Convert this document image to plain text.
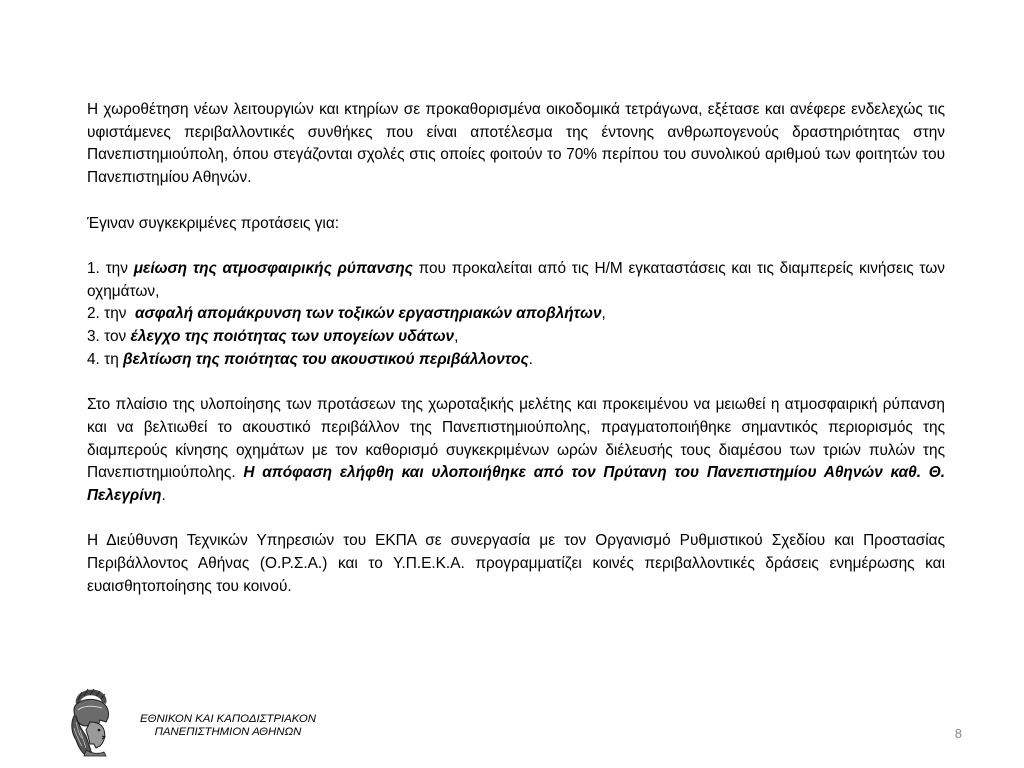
Η χωροθέτηση νέων λειτουργιών και κτηρίων σε προκαθορισμένα οικοδομικά τετράγωνα, εξέτασε και ανέφερε ενδελεχώς τις υφιστάμενες περιβαλλοντικές συνθήκες που είναι αποτέλεσμα της έντονης ανθρωπογενούς δραστηριότητας στην Πανεπιστημιούπολη, όπου στεγάζονται σχολές στις οποίες φοιτούν το 70% περίπου του συνολικού αριθμού των φοιτητών του Πανεπιστημίου Αθηνών.

Έγιναν συγκεκριμένες προτάσεις για:

1. την μείωση της ατμοσφαιρικής ρύπανσης που προκαλείται από τις Η/Μ εγκαταστάσεις και τις διαμπερείς κινήσεις των οχημάτων,

2. την  ασφαλή απομάκρυνση των τοξικών εργαστηριακών αποβλήτων,

3. τον έλεγχο της ποιότητας των υπογείων υδάτων,

4. τη βελτίωση της ποιότητας του ακουστικού περιβάλλοντος.

Στο πλαίσιο της υλοποίησης των προτάσεων της χωροταξικής μελέτης και προκειμένου να μειωθεί η ατμοσφαιρική ρύπανση και να βελτιωθεί το ακουστικό περιβάλλον της Πανεπιστημιούπολης, πραγματοποιήθηκε σημαντικός περιορισμός της διαμπερούς κίνησης οχημάτων με τον καθορισμό συγκεκριμένων ωρών διέλευσής τους διαμέσου των τριών πυλών της Πανεπιστημιούπολης. Η απόφαση ελήφθη και υλοποιήθηκε από τον Πρύτανη του Πανεπιστημίου Αθηνών καθ. Θ. Πελεγρίνη.

Η Διεύθυνση Τεχνικών Υπηρεσιών του ΕΚΠΑ σε συνεργασία με τον Οργανισμό Ρυθμιστικού Σχεδίου και Προστασίας Περιβάλλοντος Αθήνας (Ο.Ρ.Σ.Α.) και το Υ.Π.Ε.Κ.Α. προγραμματίζει κοινές περιβαλλοντικές δράσεις ενημέρωσης και ευαισθητοποίησης του κοινού.

ΕΘΝΙΚΟΝ ΚΑΙ ΚΑΠΟΔΙΣΤΡΙΑΚΟΝ
ΠΑΝΕΠΙΣΤΗΜΙΟΝ ΑΘΗΝΩΝ	8
